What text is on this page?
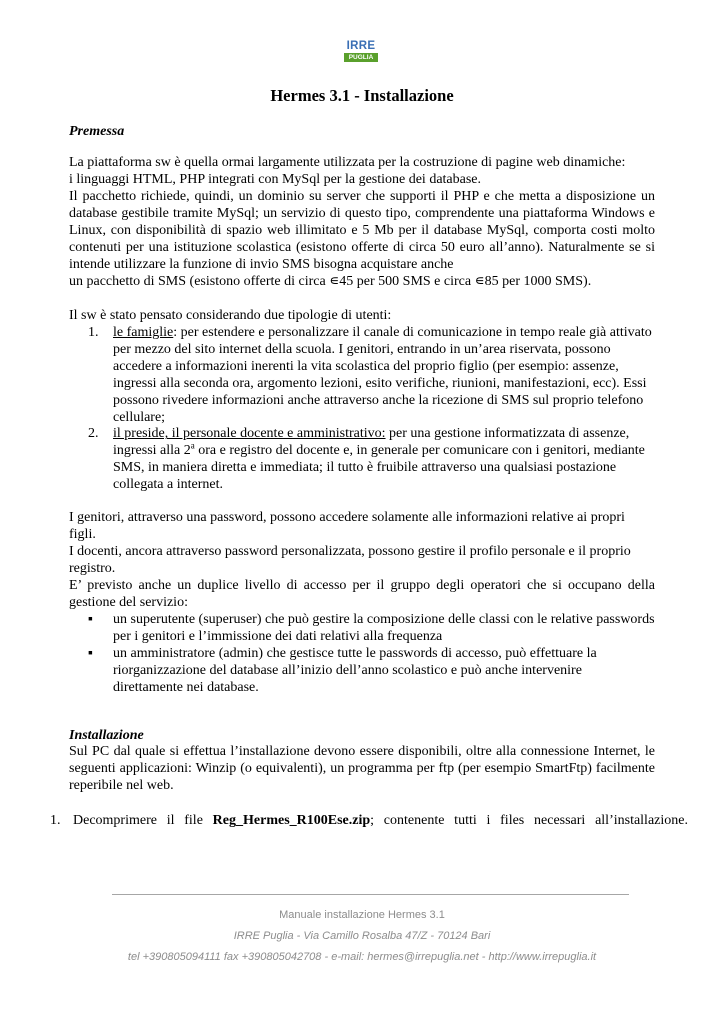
IRRE
PUGLIA
Hermes 3.1 - Installazione
Premessa

La piattaforma sw è quella ormai largamente utilizzata per la costruzione di pagine web dinamiche:

i linguaggi HTML, PHP integrati con MySql per la gestione dei database.

Il pacchetto richiede, quindi, un dominio su server che supporti il PHP e che metta a disposizione un database gestibile tramite MySql; un servizio di questo tipo, comprendente una piattaforma Windows e Linux, con disponibilità di spazio web illimitato e 5 Mb per il database MySql, comporta costi molto contenuti per una istituzione scolastica (esistono offerte di circa 50 euro all’anno). Naturalmente se si intende utilizzare la funzione di invio SMS bisogna acquistare anche
un pacchetto di SMS (esistono offerte di circa ∊45 per 500 SMS e circa ∊85 per 1000 SMS).
Il sw è stato pensato considerando due tipologie di utenti:
1. le famiglie: per estendere e personalizzare il canale di comunicazione in tempo reale già attivato per mezzo del sito internet della scuola. I genitori, entrando in un’area riservata, possono accedere a informazioni inerenti la vita scolastica del proprio figlio (per esempio: assenze, ingressi alla seconda ora, argomento lezioni, esito verifiche, riunioni, manifestazioni, ecc). Essi possono rivedere informazioni anche attraverso anche la ricezione di SMS sul proprio telefono cellulare;
2. il preside, il personale docente e amministrativo: per una gestione informatizzata di assenze, ingressi alla 2$^a$ ora e registro del docente e, in generale per comunicare con i genitori, mediante SMS, in maniera diretta e immediata; il tutto è fruibile attraverso una qualsiasi postazione collegata a internet.
I genitori, attraverso una password, possono accedere solamente alle informazioni relative ai propri figli.
I docenti, ancora attraverso password personalizzata, possono gestire il profilo personale e il proprio registro.
E’ previsto anche un duplice livello di accesso per il gruppo degli operatori che si occupano della gestione del servizio:
▪ un superutente (superuser) che può gestire la composizione delle classi con le relative passwords per i genitori e l’immissione dei dati relativi alla frequenza
▪ un amministratore (admin) che gestisce tutte le passwords di accesso, può effettuare la riorganizzazione del database all’inizio dell’anno scolastico e può anche intervenire direttamente nei database.
Installazione
Sul PC dal quale si effettua l’installazione devono essere disponibili, oltre alla connessione Internet, le seguenti applicazioni: Winzip (o equivalenti), un programma per ftp (per esempio SmartFtp) facilmente reperibile nel web.
1. Decomprimere il file Reg_Hermes_R100Ese.zip; contenente tutti i files necessari all’installazione.
Manuale installazione Hermes 3.1
IRRE Puglia - Via Camillo Rosalba 47/Z - 70124 Bari
tel +390805094111 fax +390805042708 - e-mail: hermes@irrepuglia.net - http://www.irrepuglia.it
